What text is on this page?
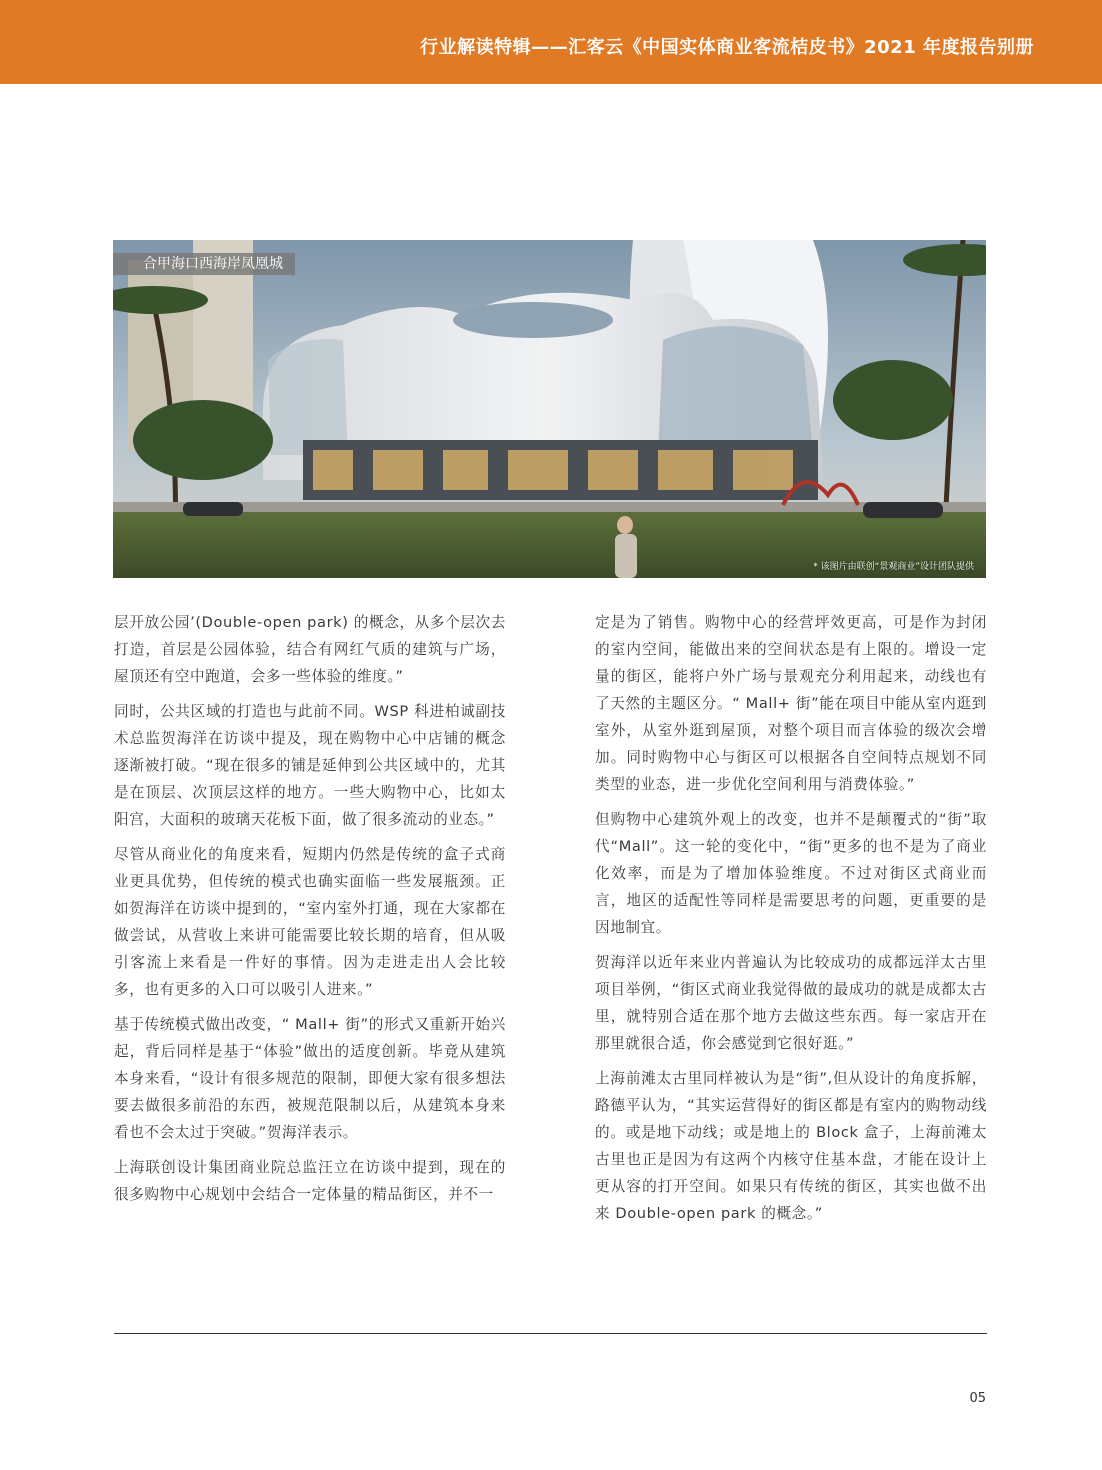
行业解读特辑——汇客云《中国实体商业客流桔皮书》2021 年度报告别册
合甲海口西海岸凤凰城
* 该图片由联创“景观商业”设计团队提供

层开放公园’(Double-open park) 的概念，从多个层次去打造，首层是公园体验，结合有网红气质的建筑与广场，屋顶还有空中跑道，会多一些体验的维度。”

同时，公共区域的打造也与此前不同。WSP 科进柏诚副技术总监贺海洋在访谈中提及，现在购物中心中店铺的概念逐渐被打破。“现在很多的铺是延伸到公共区域中的，尤其是在顶层、次顶层这样的地方。一些大购物中心，比如太阳宫，大面积的玻璃天花板下面，做了很多流动的业态。”

尽管从商业化的角度来看，短期内仍然是传统的盒子式商业更具优势，但传统的模式也确实面临一些发展瓶颈。正如贺海洋在访谈中提到的，“室内室外打通，现在大家都在做尝试，从营收上来讲可能需要比较长期的培育，但从吸引客流上来看是一件好的事情。因为走进走出人会比较多，也有更多的入口可以吸引人进来。”

基于传统模式做出改变，“ Mall+ 街”的形式又重新开始兴起，背后同样是基于“体验”做出的适度创新。毕竟从建筑本身来看，“设计有很多规范的限制，即便大家有很多想法要去做很多前沿的东西，被规范限制以后，从建筑本身来看也不会太过于突破。”贺海洋表示。

上海联创设计集团商业院总监汪立在访谈中提到，现在的很多购物中心规划中会结合一定体量的精品街区，并不一

定是为了销售。购物中心的经营坪效更高，可是作为封闭的室内空间，能做出来的空间状态是有上限的。增设一定量的街区，能将户外广场与景观充分利用起来，动线也有了天然的主题区分。“ Mall+ 街”能在项目中能从室内逛到室外，从室外逛到屋顶，对整个项目而言体验的级次会增加。同时购物中心与街区可以根据各自空间特点规划不同类型的业态，进一步优化空间利用与消费体验。”

但购物中心建筑外观上的改变，也并不是颠覆式的“街”取代“Mall”。这一轮的变化中，“街”更多的也不是为了商业化效率，而是为了增加体验维度。不过对街区式商业而言，地区的适配性等同样是需要思考的问题，更重要的是因地制宜。

贺海洋以近年来业内普遍认为比较成功的成都远洋太古里项目举例，“街区式商业我觉得做的最成功的就是成都太古里，就特别合适在那个地方去做这些东西。每一家店开在那里就很合适，你会感觉到它很好逛。”

上海前滩太古里同样被认为是“街”,但从设计的角度拆解，路德平认为，“其实运营得好的街区都是有室内的购物动线的。或是地下动线；或是地上的 Block 盒子，上海前滩太古里也正是因为有这两个内核守住基本盘，才能在设计上更从容的打开空间。如果只有传统的街区，其实也做不出来 Double-open park 的概念。”

05
